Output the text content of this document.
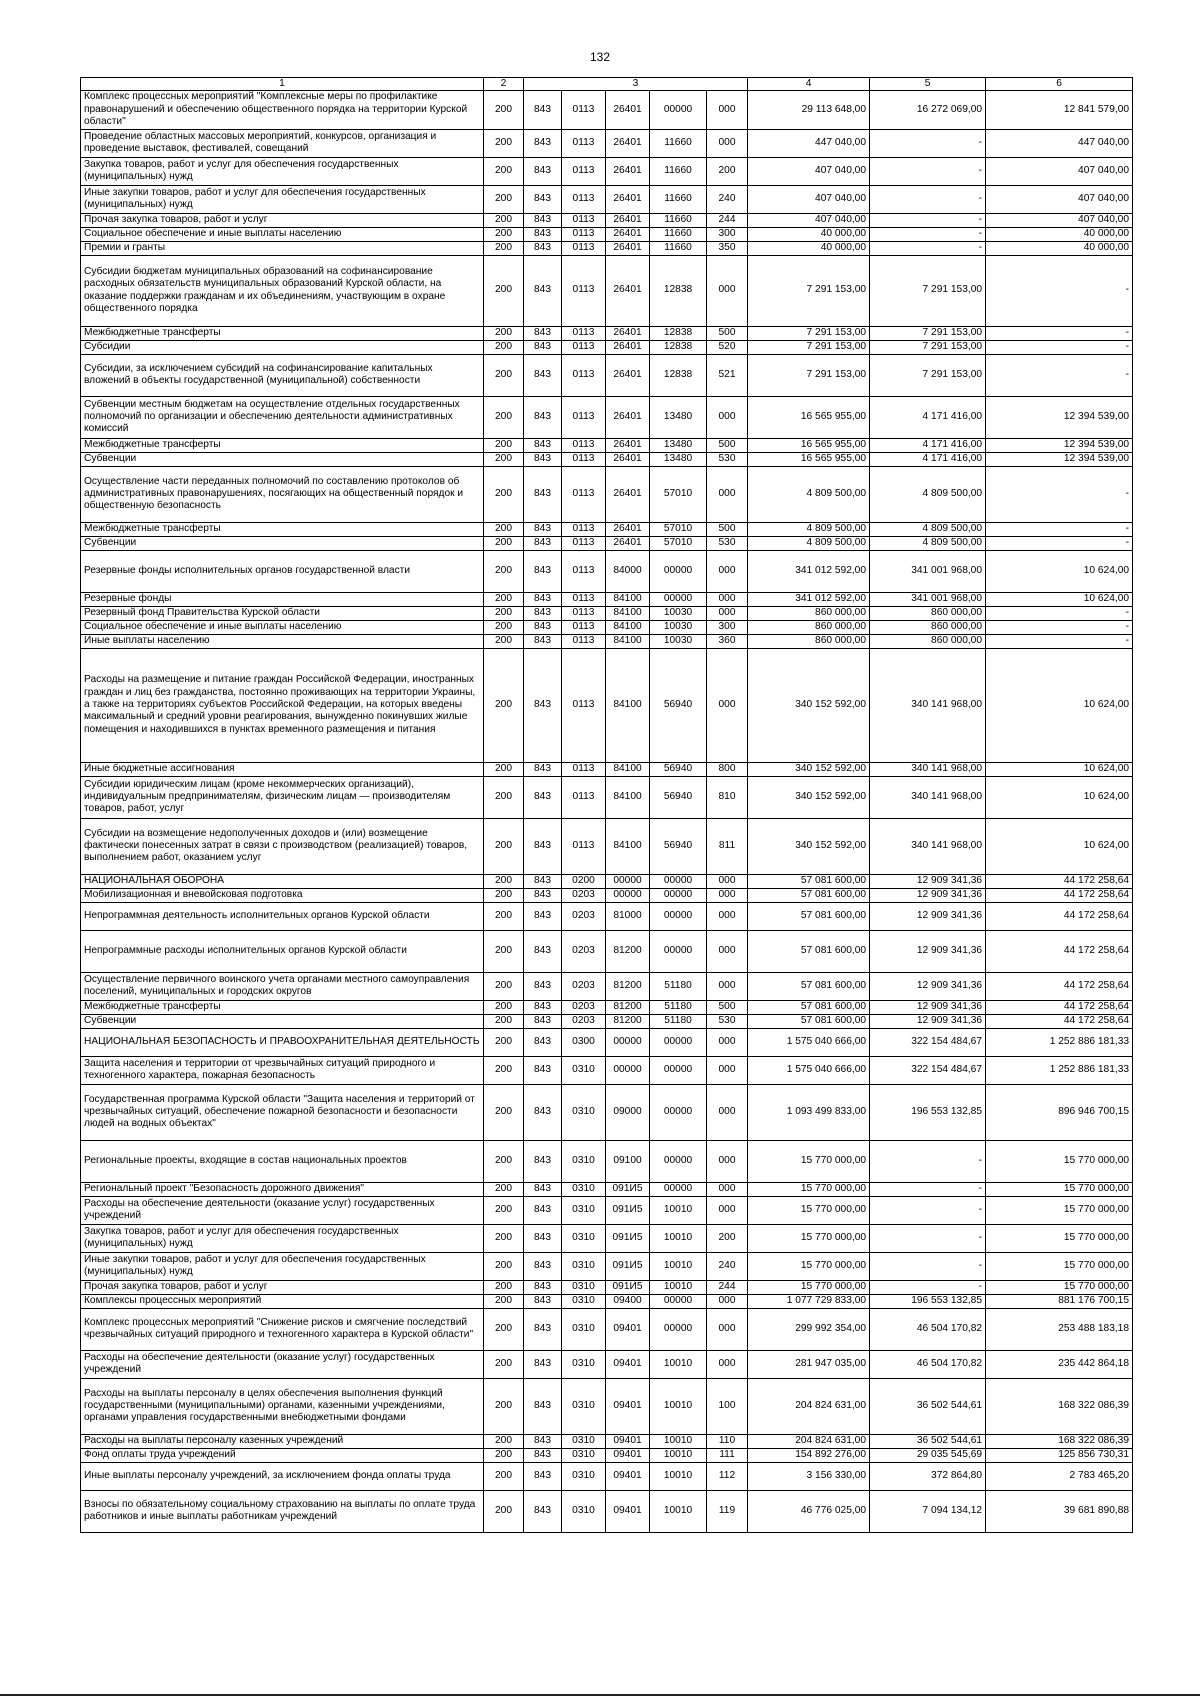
132
1	2	3					4	5	6
Комплекс процессных мероприятий "Комплексные меры по профилактике правонарушений и обеспечению общественного порядка на территории Курской области"	200	843	0113	26401	00000	000	29 113 648,00	16 272 069,00	12 841 579,00
Проведение областных массовых мероприятий, конкурсов, организация и проведение выставок, фестивалей, совещаний	200	843	0113	26401	11660	000	447 040,00	-	447 040,00
Закупка товаров, работ и услуг для обеспечения государственных (муниципальных) нужд	200	843	0113	26401	11660	200	407 040,00	-	407 040,00
Иные закупки товаров, работ и услуг для обеспечения государственных (муниципальных) нужд	200	843	0113	26401	11660	240	407 040,00	-	407 040,00
Прочая закупка товаров, работ и услуг	200	843	0113	26401	11660	244	407 040,00	-	407 040,00
Социальное обеспечение и иные выплаты населению	200	843	0113	26401	11660	300	40 000,00	-	40 000,00
Премии и гранты	200	843	0113	26401	11660	350	40 000,00	-	40 000,00
Субсидии бюджетам муниципальных образований на софинансирование расходных обязательств муниципальных образований Курской области, на оказание поддержки гражданам и их объединениям, участвующим в охране общественного порядка	200	843	0113	26401	12838	000	7 291 153,00	7 291 153,00	-
Межбюджетные трансферты	200	843	0113	26401	12838	500	7 291 153,00	7 291 153,00	-
Субсидии	200	843	0113	26401	12838	520	7 291 153,00	7 291 153,00	-
Субсидии, за исключением субсидий на софинансирование капитальных вложений в объекты государственной (муниципальной) собственности	200	843	0113	26401	12838	521	7 291 153,00	7 291 153,00	-
Субвенции местным бюджетам на осуществление отдельных государственных полномочий по организации и обеспечению деятельности административных комиссий	200	843	0113	26401	13480	000	16 565 955,00	4 171 416,00	12 394 539,00
Межбюджетные трансферты	200	843	0113	26401	13480	500	16 565 955,00	4 171 416,00	12 394 539,00
Субвенции	200	843	0113	26401	13480	530	16 565 955,00	4 171 416,00	12 394 539,00
Осуществление части переданных полномочий по составлению протоколов об административных правонарушениях, посягающих на общественный порядок и общественную безопасность	200	843	0113	26401	57010	000	4 809 500,00	4 809 500,00	-
Межбюджетные трансферты	200	843	0113	26401	57010	500	4 809 500,00	4 809 500,00	-
Субвенции	200	843	0113	26401	57010	530	4 809 500,00	4 809 500,00	-
Резервные фонды исполнительных органов государственной власти	200	843	0113	84000	00000	000	341 012 592,00	341 001 968,00	10 624,00
Резервные фонды	200	843	0113	84100	00000	000	341 012 592,00	341 001 968,00	10 624,00
Резервный фонд Правительства Курской области	200	843	0113	84100	10030	000	860 000,00	860 000,00	-
Социальное обеспечение и иные выплаты населению	200	843	0113	84100	10030	300	860 000,00	860 000,00	-
Иные выплаты населению	200	843	0113	84100	10030	360	860 000,00	860 000,00	-
Расходы на размещение и питание граждан Российской Федерации, иностранных граждан и лиц без гражданства, постоянно проживающих на территории Украины, а также на территориях субъектов Российской Федерации, на которых введены максимальный и средний уровни реагирования, вынужденно покинувших жилые помещения и находившихся в пунктах временного размещения и питания	200	843	0113	84100	56940	000	340 152 592,00	340 141 968,00	10 624,00
Иные бюджетные ассигнования	200	843	0113	84100	56940	800	340 152 592,00	340 141 968,00	10 624,00
Субсидии юридическим лицам (кроме некоммерческих организаций), индивидуальным предпринимателям, физическим лицам — производителям товаров, работ, услуг	200	843	0113	84100	56940	810	340 152 592,00	340 141 968,00	10 624,00
Субсидии на возмещение недополученных доходов и (или) возмещение фактически понесенных затрат в связи с производством (реализацией) товаров, выполнением работ, оказанием услуг	200	843	0113	84100	56940	811	340 152 592,00	340 141 968,00	10 624,00
НАЦИОНАЛЬНАЯ ОБОРОНА	200	843	0200	00000	00000	000	57 081 600,00	12 909 341,36	44 172 258,64
Мобилизационная и вневойсковая подготовка	200	843	0203	00000	00000	000	57 081 600,00	12 909 341,36	44 172 258,64
Непрограммная деятельность исполнительных органов Курской области	200	843	0203	81000	00000	000	57 081 600,00	12 909 341,36	44 172 258,64
Непрограммные расходы исполнительных органов Курской области	200	843	0203	81200	00000	000	57 081 600,00	12 909 341,36	44 172 258,64
Осуществление первичного воинского учета органами местного самоуправления поселений, муниципальных и городских округов	200	843	0203	81200	51180	000	57 081 600,00	12 909 341,36	44 172 258,64
Межбюджетные трансферты	200	843	0203	81200	51180	500	57 081 600,00	12 909 341,36	44 172 258,64
Субвенции	200	843	0203	81200	51180	530	57 081 600,00	12 909 341,36	44 172 258,64
НАЦИОНАЛЬНАЯ БЕЗОПАСНОСТЬ И ПРАВООХРАНИТЕЛЬНАЯ ДЕЯТЕЛЬНОСТЬ	200	843	0300	00000	00000	000	1 575 040 666,00	322 154 484,67	1 252 886 181,33
Защита населения и территории от чрезвычайных ситуаций природного и техногенного характера, пожарная безопасность	200	843	0310	00000	00000	000	1 575 040 666,00	322 154 484,67	1 252 886 181,33
Государственная программа Курской области "Защита населения и территорий от чрезвычайных ситуаций, обеспечение пожарной безопасности и безопасности людей на водных объектах"	200	843	0310	09000	00000	000	1 093 499 833,00	196 553 132,85	896 946 700,15
Региональные проекты, входящие в состав национальных проектов	200	843	0310	09100	00000	000	15 770 000,00	-	15 770 000,00
Региональный проект "Безопасность дорожного движения"	200	843	0310	091И5	00000	000	15 770 000,00	-	15 770 000,00
Расходы на обеспечение деятельности (оказание услуг) государственных учреждений	200	843	0310	091И5	10010	000	15 770 000,00	-	15 770 000,00
Закупка товаров, работ и услуг для обеспечения государственных (муниципальных) нужд	200	843	0310	091И5	10010	200	15 770 000,00	-	15 770 000,00
Иные закупки товаров, работ и услуг для обеспечения государственных (муниципальных) нужд	200	843	0310	091И5	10010	240	15 770 000,00	-	15 770 000,00
Прочая закупка товаров, работ и услуг	200	843	0310	091И5	10010	244	15 770 000,00	-	15 770 000,00
Комплексы процессных мероприятий	200	843	0310	09400	00000	000	1 077 729 833,00	196 553 132,85	881 176 700,15
Комплекс процессных мероприятий "Снижение рисков и смягчение последствий чрезвычайных ситуаций природного и техногенного характера в Курской области"	200	843	0310	09401	00000	000	299 992 354,00	46 504 170,82	253 488 183,18
Расходы на обеспечение деятельности (оказание услуг) государственных учреждений	200	843	0310	09401	10010	000	281 947 035,00	46 504 170,82	235 442 864,18
Расходы на выплаты персоналу в целях обеспечения выполнения функций государственными (муниципальными) органами, казенными учреждениями, органами управления государственными внебюджетными фондами	200	843	0310	09401	10010	100	204 824 631,00	36 502 544,61	168 322 086,39
Расходы на выплаты персоналу казенных учреждений	200	843	0310	09401	10010	110	204 824 631,00	36 502 544,61	168 322 086,39
Фонд оплаты труда учреждений	200	843	0310	09401	10010	111	154 892 276,00	29 035 545,69	125 856 730,31
Иные выплаты персоналу учреждений, за исключением фонда оплаты труда	200	843	0310	09401	10010	112	3 156 330,00	372 864,80	2 783 465,20
Взносы по обязательному социальному страхованию на выплаты по оплате труда работников и иные выплаты работникам учреждений	200	843	0310	09401	10010	119	46 776 025,00	7 094 134,12	39 681 890,88
